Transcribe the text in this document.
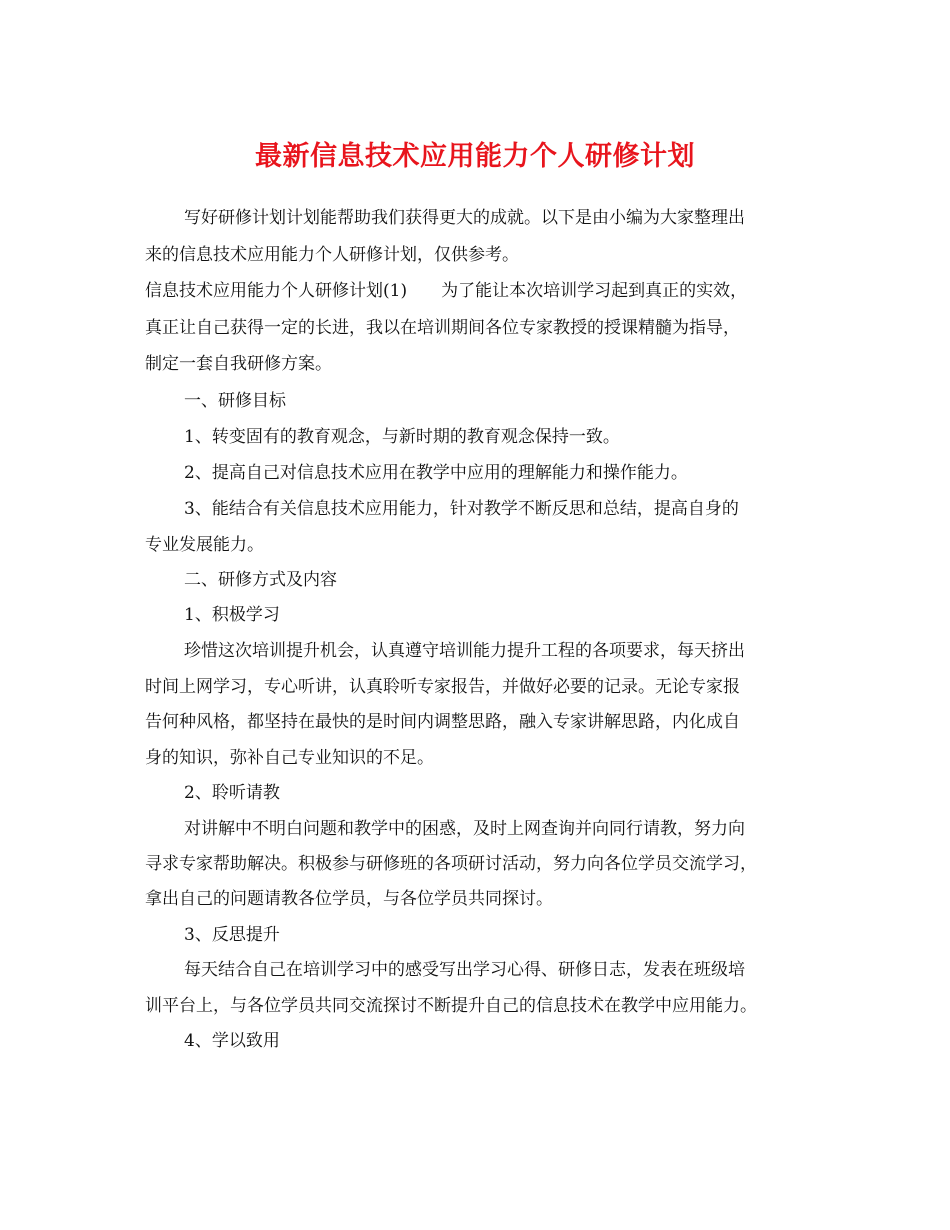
最新信息技术应用能力个人研修计划
写好研修计划计划能帮助我们获得更大的成就。以下是由小编为大家整理出
来的信息技术应用能力个人研修计划，仅供参考。
信息技术应用能力个人研修计划(1)　　为了能让本次培训学习起到真正的实效，
真正让自己获得一定的长进，我以在培训期间各位专家教授的授课精髓为指导，
制定一套自我研修方案。
一、研修目标
1、转变固有的教育观念，与新时期的教育观念保持一致。
2、提高自己对信息技术应用在教学中应用的理解能力和操作能力。
3、能结合有关信息技术应用能力，针对教学不断反思和总结，提高自身的
专业发展能力。
二、研修方式及内容
1、积极学习
珍惜这次培训提升机会，认真遵守培训能力提升工程的各项要求，每天挤出
时间上网学习，专心听讲，认真聆听专家报告，并做好必要的记录。无论专家报
告何种风格，都坚持在最快的是时间内调整思路，融入专家讲解思路，内化成自
身的知识，弥补自己专业知识的不足。
2、聆听请教
对讲解中不明白问题和教学中的困惑，及时上网查询并向同行请教，努力向
寻求专家帮助解决。积极参与研修班的各项研讨活动，努力向各位学员交流学习，
拿出自己的问题请教各位学员，与各位学员共同探讨。
3、反思提升
每天结合自己在培训学习中的感受写出学习心得、研修日志，发表在班级培
训平台上，与各位学员共同交流探讨不断提升自己的信息技术在教学中应用能力。
4、学以致用
